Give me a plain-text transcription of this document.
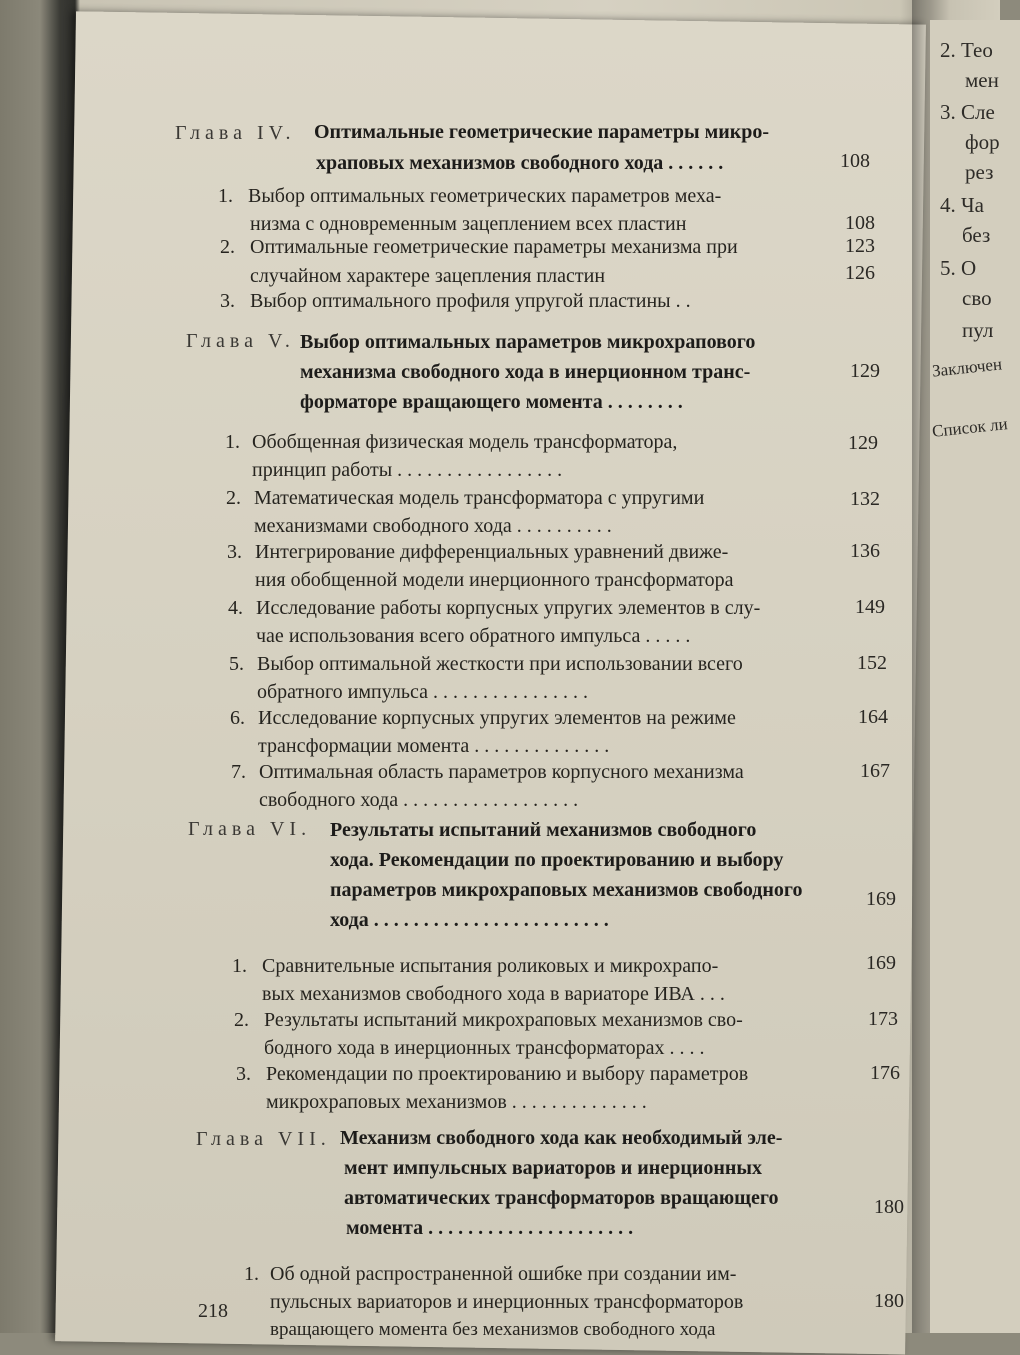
2. Тео
мен
3. Сле
фор
рез
4. Ча
без
5. О
сво
пул
Заключен
Список ли
Глава IV. Оптимальные геометрические параметры микро-
храповых механизмов свободного хода . . . . . .	108
1. Выбор оптимальных геометрических параметров меха-
низма с одновременным зацеплением всех пластин	108
2. Оптимальные геометрические параметры механизма при
случайном характере зацепления пластин
123
3. Выбор оптимального профиля упругой пластины . .
126
Глава V. Выбор оптимальных параметров микрохрапового
механизма свободного хода в инерционном транс-
форматоре вращающего момента . . . . . . . .
129
1. Обобщенная физическая модель трансформатора,
принцип работы . . . . . . . . . . . . . . . . .
129
2. Математическая модель трансформатора с упругими
механизмами свободного хода . . . . . . . . . .
132
3. Интегрирование дифференциальных уравнений движе-
ния обобщенной модели инерционного трансформатора
136
4. Исследование работы корпусных упругих элементов в слу-
чае использования всего обратного импульса . . . . .
149
5. Выбор оптимальной жесткости при использовании всего
обратного импульса . . . . . . . . . . . . . . . .
152
6. Исследование корпусных упругих элементов на режиме
трансформации момента . . . . . . . . . . . . . .
164
7. Оптимальная область параметров корпусного механизма
свободного хода . . . . . . . . . . . . . . . . . .
167
Глава VI. Результаты испытаний механизмов свободного
хода. Рекомендации по проектированию и выбору
параметров микрохраповых механизмов свободного
хода . . . . . . . . . . . . . . . . . . . . . . . .
169
1. Сравнительные испытания роликовых и микрохрапо-
вых механизмов свободного хода в вариаторе ИВА . . .
169
2. Результаты испытаний микрохраповых механизмов сво-
бодного хода в инерционных трансформаторах . . . .
173
3. Рекомендации по проектированию и выбору параметров
микрохраповых механизмов . . . . . . . . . . . . . .
176
Глава VII. Механизм свободного хода как необходимый эле-
мент импульсных вариаторов и инерционных
автоматических трансформаторов вращающего
момента . . . . . . . . . . . . . . . . . . . . .
180
1. Об одной распространенной ошибке при создании им-
пульсных вариаторов и инерционных трансформаторов
вращающего момента без механизмов свободного хода
180
218
